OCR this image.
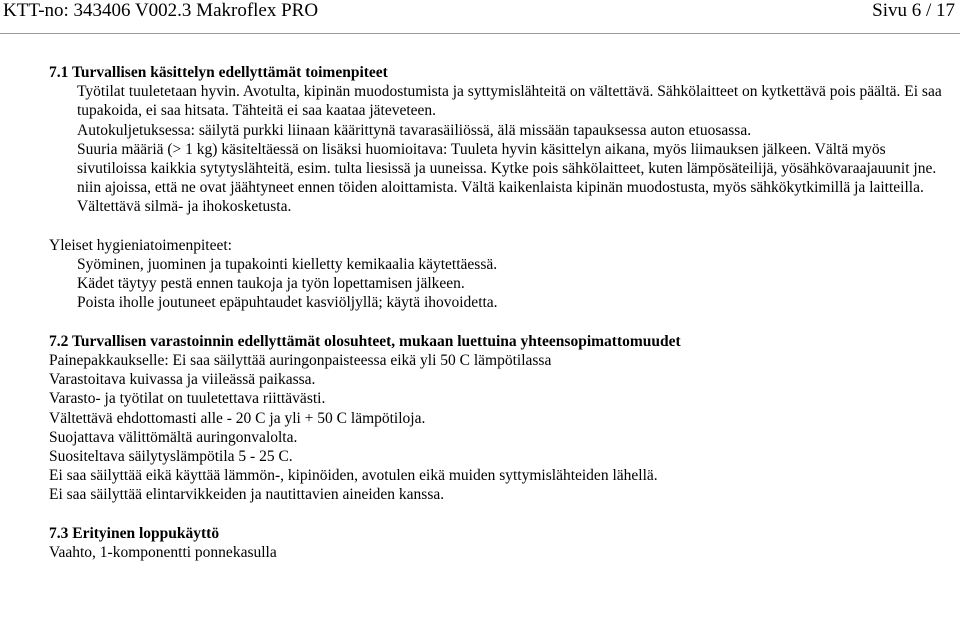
KTT-no: 343406 V002.3 Makroflex PRO	Sivu 6 / 17
7.1 Turvallisen käsittelyn edellyttämät toimenpiteet
Työtilat tuuletetaan hyvin. Avotulta, kipinän muodostumista ja syttymislähteitä on vältettävä. Sähkölaitteet on kytkettävä pois päältä. Ei saa tupakoida, ei saa hitsata. Tähteitä ei saa kaataa jäteveteen.
Autokuljetuksessa: säilytä purkki liinaan käärittynä tavarasäiliössä, älä missään tapauksessa auton etuosassa.
Suuria määriä (> 1 kg) käsiteltäessä on lisäksi huomioitava: Tuuleta hyvin käsittelyn aikana, myös liimauksen jälkeen. Vältä myös sivutiloissa kaikkia sytytyslähteitä, esim. tulta liesissä ja uuneissa. Kytke pois sähkölaitteet, kuten lämpösäteilijä, yösähkövaraajauunit jne. niin ajoissa, että ne ovat jäähtyneet ennen töiden aloittamista. Vältä kaikenlaista kipinän muodostusta, myös sähkökytkimillä ja laitteilla.
Vältettävä silmä- ja ihokosketusta.
Yleiset hygieniatoimenpiteet:
Syöminen, juominen ja tupakointi kielletty kemikaalia käytettäessä.
Kädet täytyy pestä ennen taukoja ja työn lopettamisen jälkeen.
Poista iholle joutuneet epäpuhtaudet kasviöljyllä; käytä ihovoidetta.
7.2 Turvallisen varastoinnin edellyttämät olosuhteet, mukaan luettuina yhteensopimattomuudet
Painepakkaukselle: Ei saa säilyttää auringonpaisteessa eikä yli 50 C lämpötilassa
Varastoitava kuivassa ja viileässä paikassa.
Varasto- ja työtilat on tuuletettava riittävästi.
Vältettävä ehdottomasti alle - 20 C ja yli + 50 C lämpötiloja.
Suojattava välittömältä auringonvalolta.
Suositeltava säilytyslämpötila 5 - 25 C.
Ei saa säilyttää eikä käyttää lämmön-, kipinöiden, avotulen eikä muiden syttymislähteiden lähellä.
Ei saa säilyttää elintarvikkeiden ja nautittavien aineiden kanssa.
7.3 Erityinen loppukäyttö
Vaahto, 1-komponentti ponnekasulla
